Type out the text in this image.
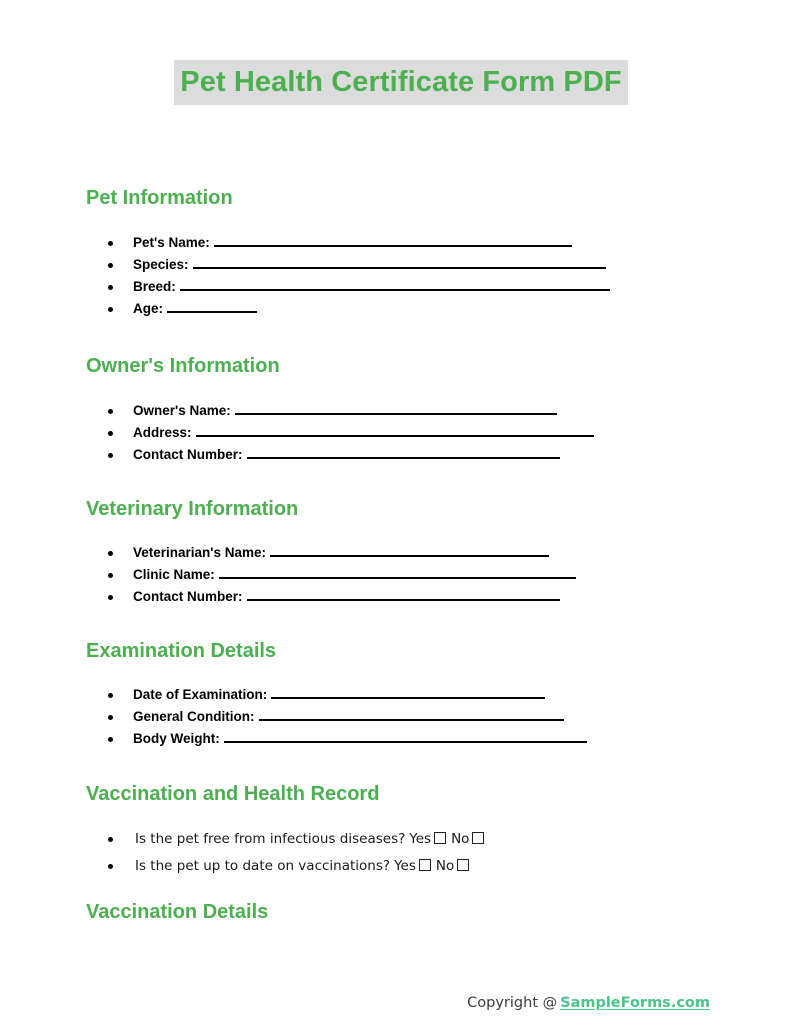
Pet Health Certificate Form PDF
Pet Information
Pet's Name:
Species:
Breed:
Age:
Owner's Information
Owner's Name:
Address:
Contact Number:
Veterinary Information
Veterinarian's Name:
Clinic Name:
Contact Number:
Examination Details
Date of Examination:
General Condition:
Body Weight:
Vaccination and Health Record
Is the pet free from infectious diseases? Yes No
Is the pet up to date on vaccinations? Yes No
Vaccination Details
Copyright @ SampleForms.com
